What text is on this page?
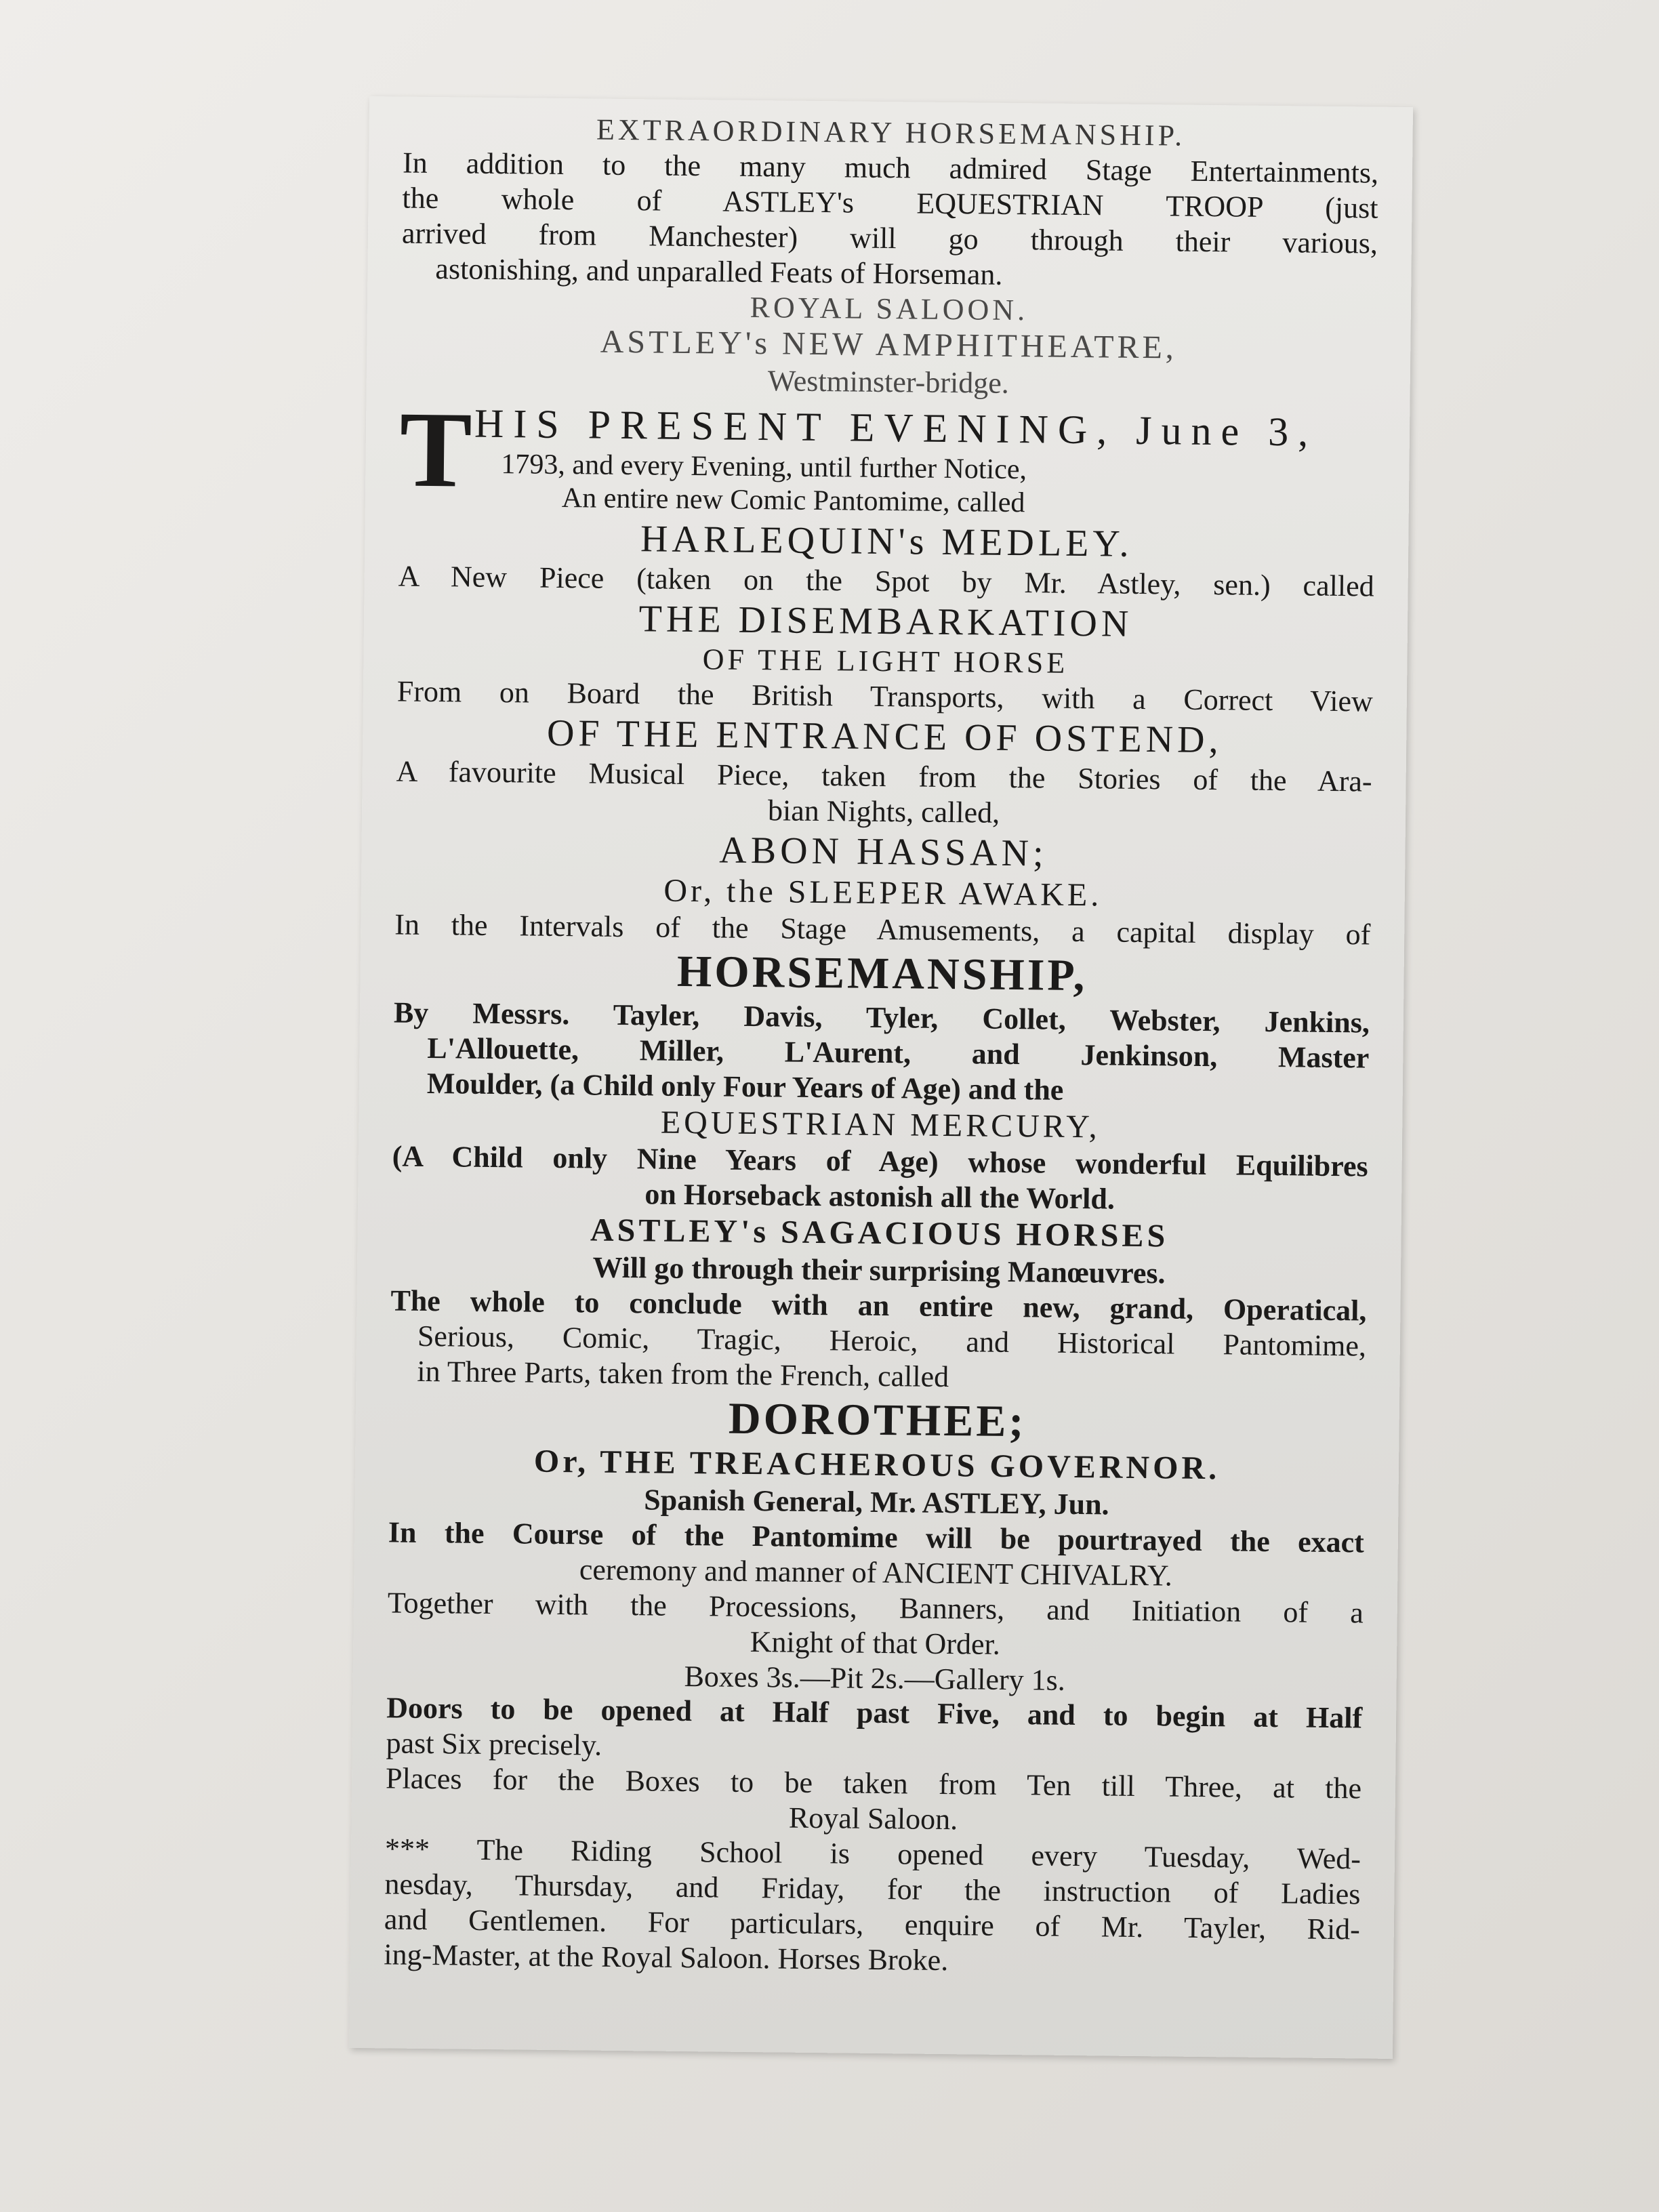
EXTRAORDINARY HORSEMANSHIP.
In addition to the many much admired Stage Entertainments,
the whole of ASTLEY's EQUESTRIAN TROOP (just
arrived from Manchester) will go through their various,
astonishing, and unparalled Feats of Horseman.
ROYAL SALOON.
ASTLEY's NEW AMPHITHEATRE,
Westminster-bridge.
T
HIS PRESENT EVENING, June 3,
1793, and every Evening, until further Notice,
An entire new Comic Pantomime, called
HARLEQUIN's MEDLEY.
A New Piece (taken on the Spot by Mr. Astley, sen.) called
THE DISEMBARKATION
OF THE LIGHT HORSE
From on Board the British Transports, with a Correct View
OF THE ENTRANCE OF OSTEND,
A favourite Musical Piece, taken from the Stories of the Ara-
bian Nights, called,
ABON HASSAN;
Or, the SLEEPER AWAKE.
In the Intervals of the Stage Amusements, a capital display of
HORSEMANSHIP,
By Messrs. Tayler, Davis, Tyler, Collet, Webster, Jenkins,
L'Allouette, Miller, L'Aurent, and Jenkinson, Master
Moulder, (a Child only Four Years of Age) and the
EQUESTRIAN MERCURY,
(A Child only Nine Years of Age) whose wonderful Equilibres
on Horseback astonish all the World.
ASTLEY's SAGACIOUS HORSES
Will go through their surprising Manœuvres.
The whole to conclude with an entire new, grand, Operatical,
Serious, Comic, Tragic, Heroic, and Historical Pantomime,
in Three Parts, taken from the French, called
DOROTHEE;
Or, THE TREACHEROUS GOVERNOR.
Spanish General, Mr. ASTLEY, Jun.
In the Course of the Pantomime will be pourtrayed the exact
ceremony and manner of ANCIENT CHIVALRY.
Together with the Processions, Banners, and Initiation of a
Knight of that Order.
Boxes 3s.—Pit 2s.—Gallery 1s.
Doors to be opened at Half past Five, and to begin at Half
past Six precisely.
Places for the Boxes to be taken from Ten till Three, at the
Royal Saloon.
*** The Riding School is opened every Tuesday, Wed-
nesday, Thursday, and Friday, for the instruction of Ladies
and Gentlemen. For particulars, enquire of Mr. Tayler, Rid-
ing-Master, at the Royal Saloon. Horses Broke.
